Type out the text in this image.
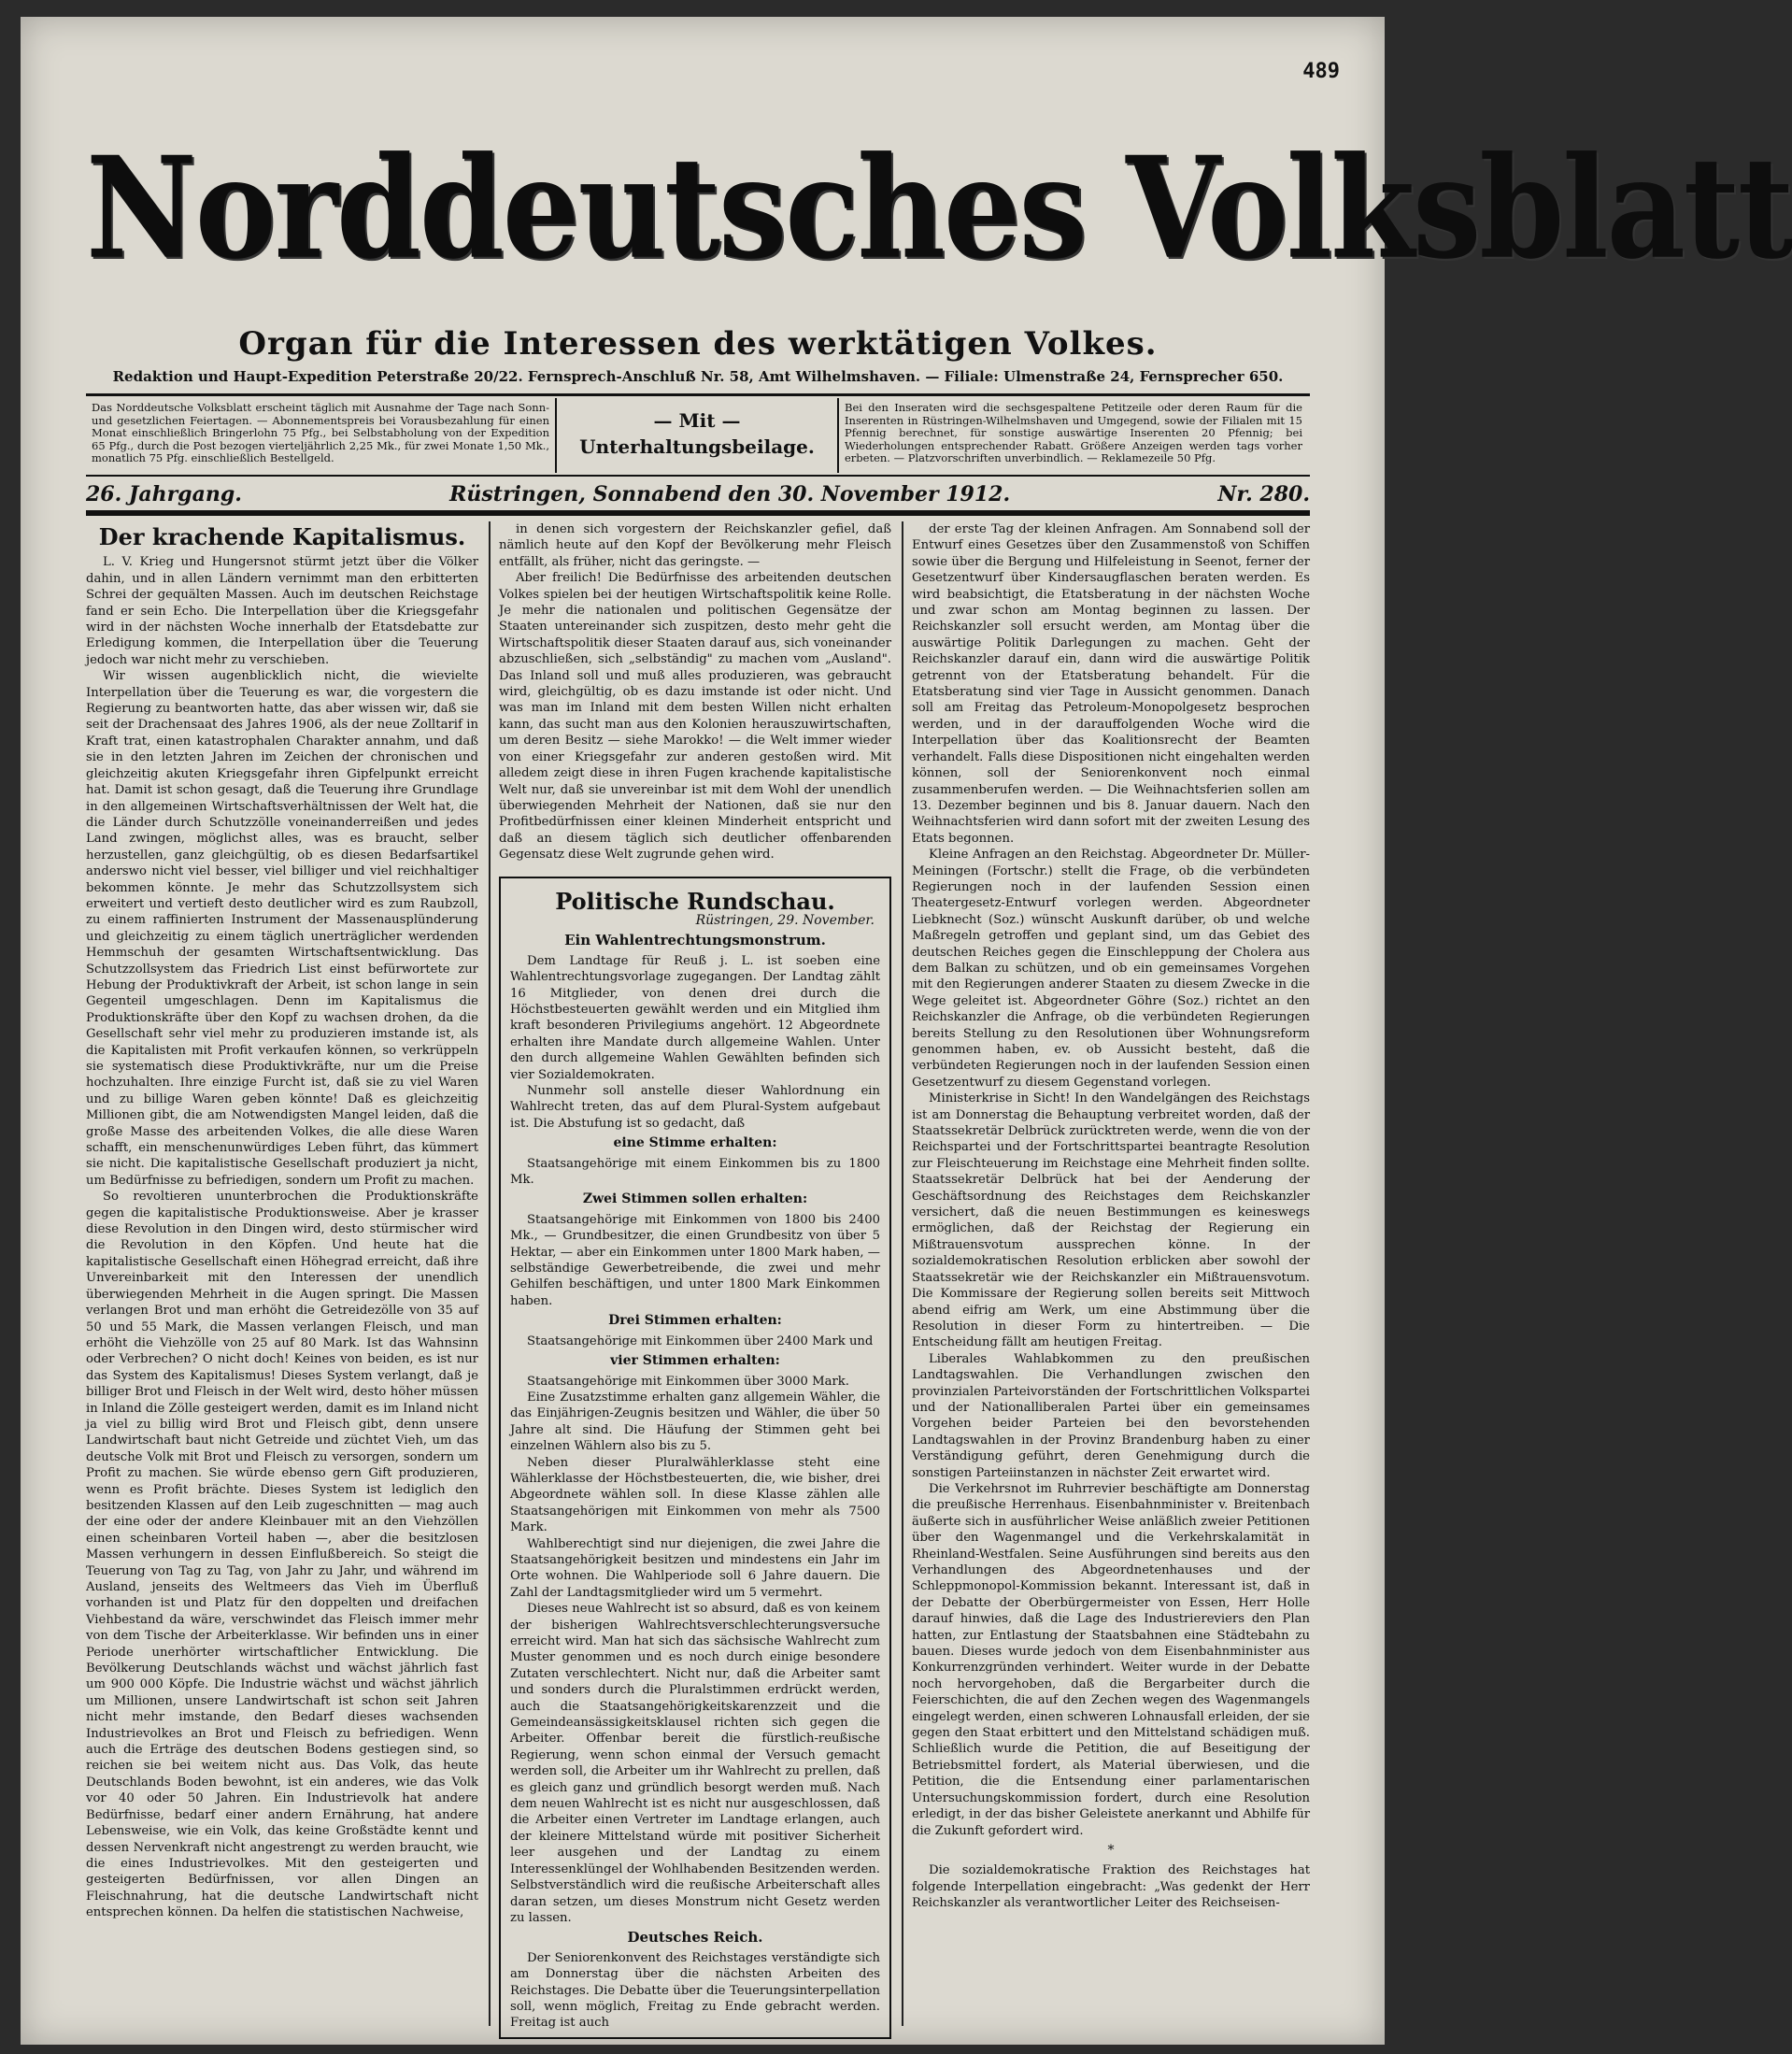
489
Norddeutsches Volksblatt
Organ für die Interessen des werktätigen Volkes.
Redaktion und Haupt-Expedition Peterstraße 20/22. Fernsprech-Anschluß Nr. 58, Amt Wilhelmshaven. — Filiale: Ulmenstraße 24, Fernsprecher 650.
Das Norddeutsche Volksblatt erscheint täglich mit Ausnahme der Tage nach Sonn- und gesetzlichen Feiertagen. — Abonnementspreis bei Vorausbezahlung für einen Monat einschließlich Bringerlohn 75 Pfg., bei Selbstabholung von der Expedition 65 Pfg., durch die Post bezogen vierteljährlich 2,25 Mk., für zwei Monate 1,50 Mk., monatlich 75 Pfg. einschließlich Bestellgeld.
— Mit —
Unterhaltungsbeilage.
Bei den Inseraten wird die sechsgespaltene Petitzeile oder deren Raum für die Inserenten in Rüstringen-Wilhelmshaven und Umgegend, sowie der Filialen mit 15 Pfennig berechnet, für sonstige auswärtige Inserenten 20 Pfennig; bei Wiederholungen entsprechender Rabatt. Größere Anzeigen werden tags vorher erbeten. — Platzvorschriften unverbindlich. — Reklamezeile 50 Pfg.
26. Jahrgang.	Rüstringen, Sonnabend den 30. November 1912.	Nr. 280.
Der krachende Kapitalismus.

L. V. Krieg und Hungersnot stürmt jetzt über die Völker dahin, und in allen Ländern vernimmt man den erbitterten Schrei der gequälten Massen. Auch im deutschen Reichstage fand er sein Echo. Die Interpellation über die Kriegsgefahr wird in der nächsten Woche innerhalb der Etatsdebatte zur Erledigung kommen, die Interpellation über die Teuerung jedoch war nicht mehr zu verschieben.

Wir wissen augenblicklich nicht, die wievielte Interpellation über die Teuerung es war, die vorgestern die Regierung zu beantworten hatte, das aber wissen wir, daß sie seit der Drachensaat des Jahres 1906, als der neue Zolltarif in Kraft trat, einen katastrophalen Charakter annahm, und daß sie in den letzten Jahren im Zeichen der chronischen und gleichzeitig akuten Kriegsgefahr ihren Gipfelpunkt erreicht hat. Damit ist schon gesagt, daß die Teuerung ihre Grundlage in den allgemeinen Wirtschaftsverhältnissen der Welt hat, die die Länder durch Schutzzölle voneinanderreißen und jedes Land zwingen, möglichst alles, was es braucht, selber herzustellen, ganz gleichgültig, ob es diesen Bedarfsartikel anderswo nicht viel besser, viel billiger und viel reichhaltiger bekommen könnte. Je mehr das Schutzzollsystem sich erweitert und vertieft desto deutlicher wird es zum Raubzoll, zu einem raffinierten Instrument der Massenausplünderung und gleichzeitig zu einem täglich unerträglicher werdenden Hemmschuh der gesamten Wirtschaftsentwicklung. Das Schutzzollsystem das Friedrich List einst befürwortete zur Hebung der Produktivkraft der Arbeit, ist schon lange in sein Gegenteil umgeschlagen. Denn im Kapitalismus die Produktionskräfte über den Kopf zu wachsen drohen, da die Gesellschaft sehr viel mehr zu produzieren imstande ist, als die Kapitalisten mit Profit verkaufen können, so verkrüppeln sie systematisch diese Produktivkräfte, nur um die Preise hochzuhalten. Ihre einzige Furcht ist, daß sie zu viel Waren und zu billige Waren geben könnte! Daß es gleichzeitig Millionen gibt, die am Notwendigsten Mangel leiden, daß die große Masse des arbeitenden Volkes, die alle diese Waren schafft, ein menschenunwürdiges Leben führt, das kümmert sie nicht. Die kapitalistische Gesellschaft produziert ja nicht, um Bedürfnisse zu befriedigen, sondern um Profit zu machen.

So revoltieren ununterbrochen die Produktionskräfte gegen die kapitalistische Produktionsweise. Aber je krasser diese Revolution in den Dingen wird, desto stürmischer wird die Revolution in den Köpfen. Und heute hat die kapitalistische Gesellschaft einen Höhegrad erreicht, daß ihre Unvereinbarkeit mit den Interessen der unendlich überwiegenden Mehrheit in die Augen springt. Die Massen verlangen Brot und man erhöht die Getreidezölle von 35 auf 50 und 55 Mark, die Massen verlangen Fleisch, und man erhöht die Viehzölle von 25 auf 80 Mark. Ist das Wahnsinn oder Verbrechen? O nicht doch! Keines von beiden, es ist nur das System des Kapitalismus! Dieses System verlangt, daß je billiger Brot und Fleisch in der Welt wird, desto höher müssen in Inland die Zölle gesteigert werden, damit es im Inland nicht ja viel zu billig wird Brot und Fleisch gibt, denn unsere Landwirtschaft baut nicht Getreide und züchtet Vieh, um das deutsche Volk mit Brot und Fleisch zu versorgen, sondern um Profit zu machen. Sie würde ebenso gern Gift produzieren, wenn es Profit brächte. Dieses System ist lediglich den besitzenden Klassen auf den Leib zugeschnitten — mag auch der eine oder der andere Kleinbauer mit an den Viehzöllen einen scheinbaren Vorteil haben —, aber die besitzlosen Massen verhungern in dessen Einflußbereich. So steigt die Teuerung von Tag zu Tag, von Jahr zu Jahr, und während im Ausland, jenseits des Weltmeers das Vieh im Überfluß vorhanden ist und Platz für den doppelten und dreifachen Viehbestand da wäre, verschwindet das Fleisch immer mehr von dem Tische der Arbeiterklasse. Wir befinden uns in einer Periode unerhörter wirtschaftlicher Entwicklung. Die Bevölkerung Deutschlands wächst und wächst jährlich fast um 900 000 Köpfe. Die Industrie wächst und wächst jährlich um Millionen, unsere Landwirtschaft ist schon seit Jahren nicht mehr imstande, den Bedarf dieses wachsenden Industrievolkes an Brot und Fleisch zu befriedigen. Wenn auch die Erträge des deutschen Bodens gestiegen sind, so reichen sie bei weitem nicht aus. Das Volk, das heute Deutschlands Boden bewohnt, ist ein anderes, wie das Volk vor 40 oder 50 Jahren. Ein Industrievolk hat andere Bedürfnisse, bedarf einer andern Ernährung, hat andere Lebensweise, wie ein Volk, das keine Großstädte kennt und dessen Nervenkraft nicht angestrengt zu werden braucht, wie die eines Industrievolkes. Mit den gesteigerten und gesteigerten Bedürfnissen, vor allen Dingen an Fleischnahrung, hat die deutsche Landwirtschaft nicht entsprechen können. Da helfen die statistischen Nachweise,

in denen sich vorgestern der Reichskanzler gefiel, daß nämlich heute auf den Kopf der Bevölkerung mehr Fleisch entfällt, als früher, nicht das geringste. —

Aber freilich! Die Bedürfnisse des arbeitenden deutschen Volkes spielen bei der heutigen Wirtschaftspolitik keine Rolle. Je mehr die nationalen und politischen Gegensätze der Staaten untereinander sich zuspitzen, desto mehr geht die Wirtschaftspolitik dieser Staaten darauf aus, sich voneinander abzuschließen, sich „selbständig" zu machen vom „Ausland". Das Inland soll und muß alles produzieren, was gebraucht wird, gleichgültig, ob es dazu imstande ist oder nicht. Und was man im Inland mit dem besten Willen nicht erhalten kann, das sucht man aus den Kolonien herauszuwirtschaften, um deren Besitz — siehe Marokko! — die Welt immer wieder von einer Kriegsgefahr zur anderen gestoßen wird. Mit alledem zeigt diese in ihren Fugen krachende kapitalistische Welt nur, daß sie unvereinbar ist mit dem Wohl der unendlich überwiegenden Mehrheit der Nationen, daß sie nur den Profitbedürfnissen einer kleinen Minderheit entspricht und daß an diesem täglich sich deutlicher offenbarenden Gegensatz diese Welt zugrunde gehen wird.

Politische Rundschau.
Rüstringen, 29. November.
Ein Wahlentrechtungsmonstrum.

Dem Landtage für Reuß j. L. ist soeben eine Wahlentrechtungsvorlage zugegangen. Der Landtag zählt 16 Mitglieder, von denen drei durch die Höchstbesteuerten gewählt werden und ein Mitglied ihm kraft besonderen Privilegiums angehört. 12 Abgeordnete erhalten ihre Mandate durch allgemeine Wahlen. Unter den durch allgemeine Wahlen Gewählten befinden sich vier Sozialdemokraten.

Nunmehr soll anstelle dieser Wahlordnung ein Wahlrecht treten, das auf dem Plural-System aufgebaut ist. Die Abstufung ist so gedacht, daß

eine Stimme erhalten:

Staatsangehörige mit einem Einkommen bis zu 1800 Mk.

Zwei Stimmen sollen erhalten:

Staatsangehörige mit Einkommen von 1800 bis 2400 Mk., — Grundbesitzer, die einen Grundbesitz von über 5 Hektar, — aber ein Einkommen unter 1800 Mark haben, — selbständige Gewerbetreibende, die zwei und mehr Gehilfen beschäftigen, und unter 1800 Mark Einkommen haben.

Drei Stimmen erhalten:

Staatsangehörige mit Einkommen über 2400 Mark und

vier Stimmen erhalten:

Staatsangehörige mit Einkommen über 3000 Mark.

Eine Zusatzstimme erhalten ganz allgemein Wähler, die das Einjährigen-Zeugnis besitzen und Wähler, die über 50 Jahre alt sind. Die Häufung der Stimmen geht bei einzelnen Wählern also bis zu 5.

Neben dieser Pluralwählerklasse steht eine Wählerklasse der Höchstbesteuerten, die, wie bisher, drei Abgeordnete wählen soll. In diese Klasse zählen alle Staatsangehörigen mit Einkommen von mehr als 7500 Mark.

Wahlberechtigt sind nur diejenigen, die zwei Jahre die Staatsangehörigkeit besitzen und mindestens ein Jahr im Orte wohnen. Die Wahlperiode soll 6 Jahre dauern. Die Zahl der Landtagsmitglieder wird um 5 vermehrt.

Dieses neue Wahlrecht ist so absurd, daß es von keinem der bisherigen Wahlrechtsverschlechterungsversuche erreicht wird. Man hat sich das sächsische Wahlrecht zum Muster genommen und es noch durch einige besondere Zutaten verschlechtert. Nicht nur, daß die Arbeiter samt und sonders durch die Pluralstimmen erdrückt werden, auch die Staatsangehörigkeitskarenzzeit und die Gemeindeansässigkeitsklausel richten sich gegen die Arbeiter. Offenbar bereit die fürstlich-reußische Regierung, wenn schon einmal der Versuch gemacht werden soll, die Arbeiter um ihr Wahlrecht zu prellen, daß es gleich ganz und gründlich besorgt werden muß. Nach dem neuen Wahlrecht ist es nicht nur ausgeschlossen, daß die Arbeiter einen Vertreter im Landtage erlangen, auch der kleinere Mittelstand würde mit positiver Sicherheit leer ausgehen und der Landtag zu einem Interessenklüngel der Wohlhabenden Besitzenden werden. Selbstverständlich wird die reußische Arbeiterschaft alles daran setzen, um dieses Monstrum nicht Gesetz werden zu lassen.

Deutsches Reich.

Der Seniorenkonvent des Reichstages verständigte sich am Donnerstag über die nächsten Arbeiten des Reichstages. Die Debatte über die Teuerungsinterpellation soll, wenn möglich, Freitag zu Ende gebracht werden. Freitag ist auch

der erste Tag der kleinen Anfragen. Am Sonnabend soll der Entwurf eines Gesetzes über den Zusammenstoß von Schiffen sowie über die Bergung und Hilfeleistung in Seenot, ferner der Gesetzentwurf über Kindersaugflaschen beraten werden. Es wird beabsichtigt, die Etatsberatung in der nächsten Woche und zwar schon am Montag beginnen zu lassen. Der Reichskanzler soll ersucht werden, am Montag über die auswärtige Politik Darlegungen zu machen. Geht der Reichskanzler darauf ein, dann wird die auswärtige Politik getrennt von der Etatsberatung behandelt. Für die Etatsberatung sind vier Tage in Aussicht genommen. Danach soll am Freitag das Petroleum-Monopolgesetz besprochen werden, und in der darauffolgenden Woche wird die Interpellation über das Koalitionsrecht der Beamten verhandelt. Falls diese Dispositionen nicht eingehalten werden können, soll der Seniorenkonvent noch einmal zusammenberufen werden. — Die Weihnachtsferien sollen am 13. Dezember beginnen und bis 8. Januar dauern. Nach den Weihnachtsferien wird dann sofort mit der zweiten Lesung des Etats begonnen.

Kleine Anfragen an den Reichstag. Abgeordneter Dr. Müller-Meiningen (Fortschr.) stellt die Frage, ob die verbündeten Regierungen noch in der laufenden Session einen Theatergesetz-Entwurf vorlegen werden. Abgeordneter Liebknecht (Soz.) wünscht Auskunft darüber, ob und welche Maßregeln getroffen und geplant sind, um das Gebiet des deutschen Reiches gegen die Einschleppung der Cholera aus dem Balkan zu schützen, und ob ein gemeinsames Vorgehen mit den Regierungen anderer Staaten zu diesem Zwecke in die Wege geleitet ist. Abgeordneter Göhre (Soz.) richtet an den Reichskanzler die Anfrage, ob die verbündeten Regierungen bereits Stellung zu den Resolutionen über Wohnungsreform genommen haben, ev. ob Aussicht besteht, daß die verbündeten Regierungen noch in der laufenden Session einen Gesetzentwurf zu diesem Gegenstand vorlegen.

Ministerkrise in Sicht! In den Wandelgängen des Reichstags ist am Donnerstag die Behauptung verbreitet worden, daß der Staatssekretär Delbrück zurücktreten werde, wenn die von der Reichspartei und der Fortschrittspartei beantragte Resolution zur Fleischteuerung im Reichstage eine Mehrheit finden sollte. Staatssekretär Delbrück hat bei der Aenderung der Geschäftsordnung des Reichstages dem Reichskanzler versichert, daß die neuen Bestimmungen es keineswegs ermöglichen, daß der Reichstag der Regierung ein Mißtrauensvotum aussprechen könne. In der sozialdemokratischen Resolution erblicken aber sowohl der Staatssekretär wie der Reichskanzler ein Mißtrauensvotum. Die Kommissare der Regierung sollen bereits seit Mittwoch abend eifrig am Werk, um eine Abstimmung über die Resolution in dieser Form zu hintertreiben. — Die Entscheidung fällt am heutigen Freitag.

Liberales Wahlabkommen zu den preußischen Landtagswahlen. Die Verhandlungen zwischen den provinzialen Parteivorständen der Fortschrittlichen Volkspartei und der Nationalliberalen Partei über ein gemeinsames Vorgehen beider Parteien bei den bevorstehenden Landtagswahlen in der Provinz Brandenburg haben zu einer Verständigung geführt, deren Genehmigung durch die sonstigen Parteiinstanzen in nächster Zeit erwartet wird.

Die Verkehrsnot im Ruhrrevier beschäftigte am Donnerstag die preußische Herrenhaus. Eisenbahnminister v. Breitenbach äußerte sich in ausführlicher Weise anläßlich zweier Petitionen über den Wagenmangel und die Verkehrskalamität in Rheinland-Westfalen. Seine Ausführungen sind bereits aus den Verhandlungen des Abgeordnetenhauses und der Schleppmonopol-Kommission bekannt. Interessant ist, daß in der Debatte der Oberbürgermeister von Essen, Herr Holle darauf hinwies, daß die Lage des Industriereviers den Plan hatten, zur Entlastung der Staatsbahnen eine Städtebahn zu bauen. Dieses wurde jedoch von dem Eisenbahnminister aus Konkurrenzgründen verhindert. Weiter wurde in der Debatte noch hervorgehoben, daß die Bergarbeiter durch die Feierschichten, die auf den Zechen wegen des Wagenmangels eingelegt werden, einen schweren Lohnausfall erleiden, der sie gegen den Staat erbittert und den Mittelstand schädigen muß. Schließlich wurde die Petition, die auf Beseitigung der Betriebsmittel fordert, als Material überwiesen, und die Petition, die die Entsendung einer parlamentarischen Untersuchungskommission fordert, durch eine Resolution erledigt, in der das bisher Geleistete anerkannt und Abhilfe für die Zukunft gefordert wird.

*

Die sozialdemokratische Fraktion des Reichstages hat folgende Interpellation eingebracht: „Was gedenkt der Herr Reichskanzler als verantwortlicher Leiter des Reichseisen-
